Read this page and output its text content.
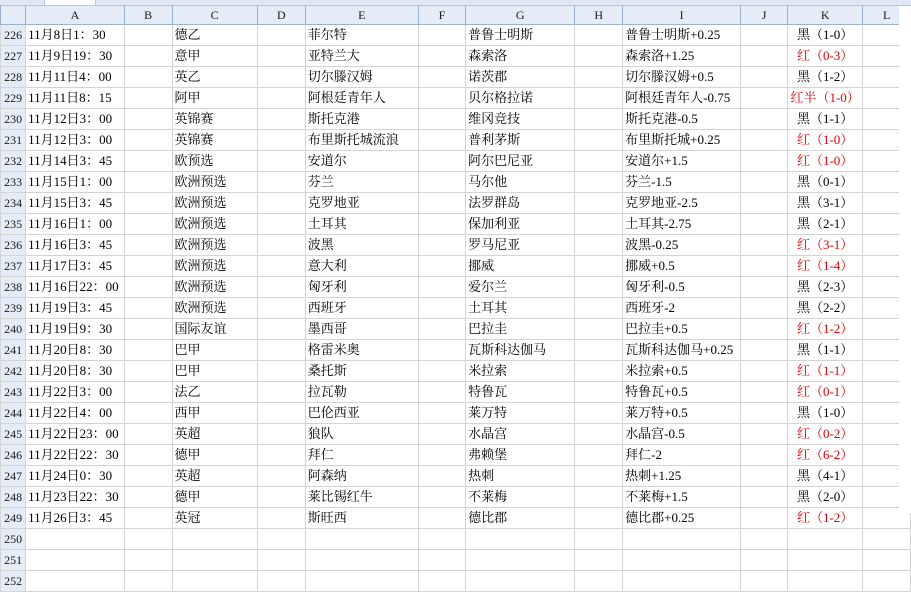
	A	B	C	D	E	F	G	H	I	J	K	L
226	11月8日1：30		德乙		菲尔特		普鲁士明斯		普鲁士明斯+0.25		黑（1-0）	
227	11月9日19：30		意甲		亚特兰大		森索洛		森索洛+1.25		红（0-3）	
228	11月11日4：00		英乙		切尔滕汉姆		诺茨郡		切尔滕汉姆+0.5		黑（1-2）	
229	11月11日8：15		阿甲		阿根廷青年人		贝尔格拉诺		阿根廷青年人-0.75		红半（1-0）	
230	11月12日3：00		英锦赛		斯托克港		维冈竞技		斯托克港-0.5		黑（1-1）	
231	11月12日3：00		英锦赛		布里斯托城流浪		普利茅斯		布里斯托城+0.25		红（1-0）	
232	11月14日3：45		欧预选		安道尔		阿尔巴尼亚		安道尔+1.5		红（1-0）	
233	11月15日1：00		欧洲预选		芬兰		马尔他		芬兰-1.5		黑（0-1）	
234	11月15日3：45		欧洲预选		克罗地亚		法罗群岛		克罗地亚-2.5		黑（3-1）	
235	11月16日1：00		欧洲预选		土耳其		保加利亚		土耳其-2.75		黑（2-1）	
236	11月16日3：45		欧洲预选		波黑		罗马尼亚		波黑-0.25		红（3-1）	
237	11月17日3：45		欧洲预选		意大利		挪威		挪威+0.5		红（1-4）	
238	11月16日22：00		欧洲预选		匈牙利		爱尔兰		匈牙利-0.5		黑（2-3）	
239	11月19日3：45		欧洲预选		西班牙		土耳其		西班牙-2		黑（2-2）	
240	11月19日9：30		国际友谊		墨西哥		巴拉圭		巴拉圭+0.5		红（1-2）	
241	11月20日8：30		巴甲		格雷米奥		瓦斯科达伽马		瓦斯科达伽马+0.25		黑（1-1）	
242	11月20日8：30		巴甲		桑托斯		米拉索		米拉索+0.5		红（1-1）	
243	11月22日3：00		法乙		拉瓦勒		特鲁瓦		特鲁瓦+0.5		红（0-1）	
244	11月22日4：00		西甲		巴伦西亚		莱万特		莱万特+0.5		黑（1-0）	
245	11月22日23：00		英超		狼队		水晶宫		水晶宫-0.5		红（0-2）	
246	11月22日22：30		德甲		拜仁		弗赖堡		拜仁-2		红（6-2）	
247	11月24日0：30		英超		阿森纳		热刺		热刺+1.25		黑（4-1）	
248	11月23日22：30		德甲		莱比锡红牛		不莱梅		不莱梅+1.5		黑（2-0）	
249	11月26日3：45		英冠		斯旺西		德比郡		德比郡+0.25		红（1-2）	
250												
251												
252												
